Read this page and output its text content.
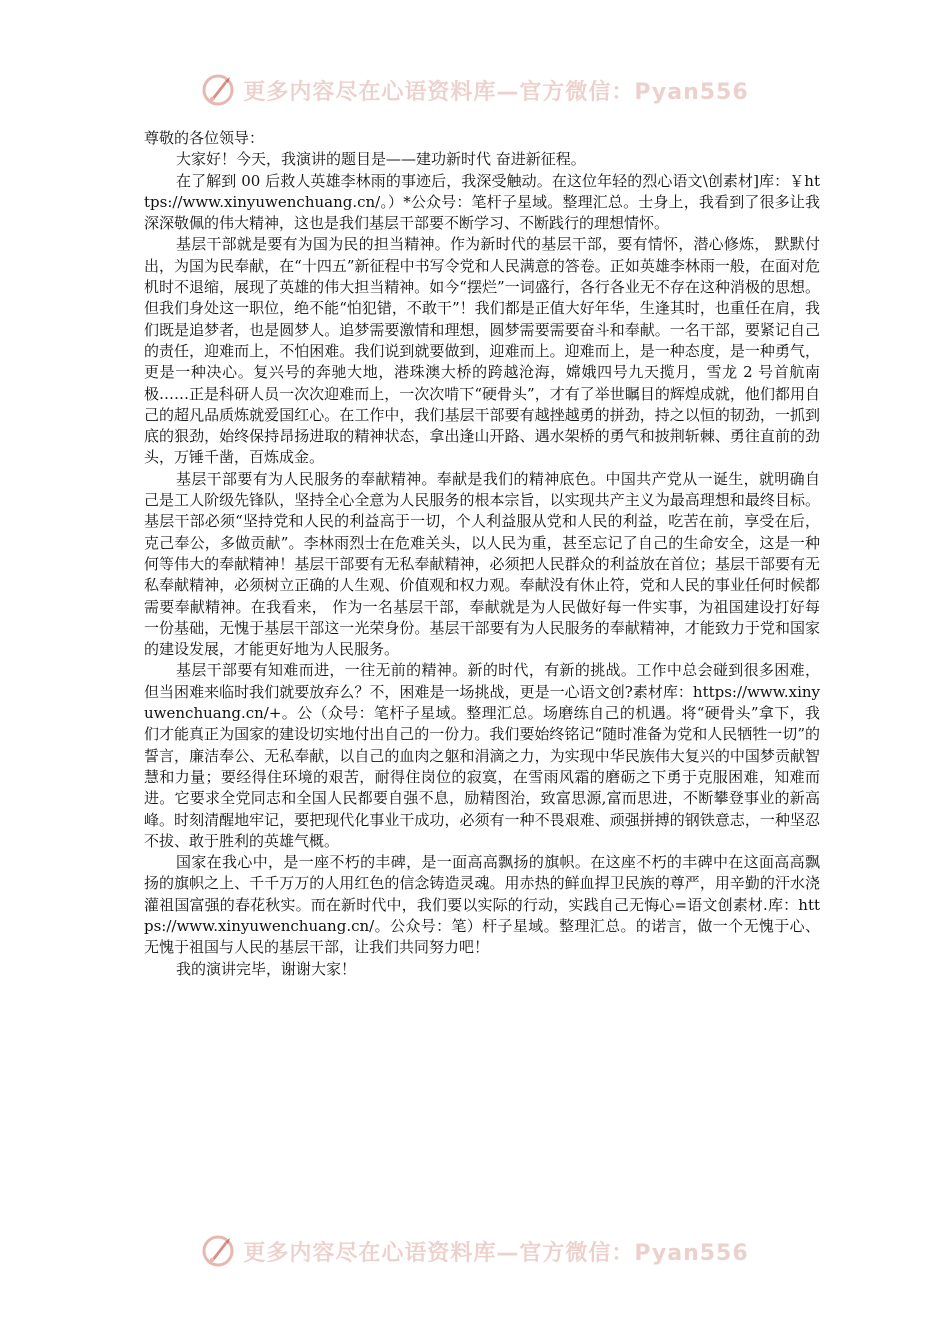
更多内容尽在心语资料库—官方微信：Pyan556

尊敬的各位领导：

大家好！今天，我演讲的题目是——建功新时代 奋进新征程。

在了解到 00 后救人英雄李林雨的事迹后，我深受触动。在这位年轻的烈心语文\创素材]库：￥https://www.xinyuwenchuang.cn/。）*公众号：笔杆子星域。整理汇总。士身上，我看到了很多让我深深敬佩的伟大精神，这也是我们基层干部要不断学习、不断践行的理想情怀。

基层干部就是要有为国为民的担当精神。作为新时代的基层干部，要有情怀，潜心修炼， 默默付出，为国为民奉献，在“十四五”新征程中书写令党和人民满意的答卷。正如英雄李林雨一般，在面对危机时不退缩，展现了英雄的伟大担当精神。如今“摆烂”一词盛行，各行各业无不存在这种消极的思想。但我们身处这一职位，绝不能“怕犯错，不敢干”！我们都是正值大好年华，生逢其时，也重任在肩，我们既是追梦者，也是圆梦人。追梦需要激情和理想，圆梦需要需要奋斗和奉献。一名干部，要紧记自己的责任，迎难而上，不怕困难。我们说到就要做到，迎难而上。迎难而上，是一种态度，是一种勇气，更是一种决心。复兴号的奔驰大地，港珠澳大桥的跨越沧海，嫦娥四号九天揽月，雪龙 2 号首航南极……正是科研人员一次次迎难而上，一次次啃下“硬骨头”，才有了举世瞩目的辉煌成就，他们都用自己的超凡品质炼就爱国红心。在工作中，我们基层干部要有越挫越勇的拼劲，持之以恒的韧劲，一抓到底的狠劲，始终保持昂扬进取的精神状态，拿出逢山开路、遇水架桥的勇气和披荆斩棘、勇往直前的劲头，万锤千凿，百炼成金。

基层干部要有为人民服务的奉献精神。奉献是我们的精神底色。中国共产党从一诞生，就明确自己是工人阶级先锋队，坚持全心全意为人民服务的根本宗旨，以实现共产主义为最高理想和最终目标。基层干部必须“坚持党和人民的利益高于一切，个人利益服从党和人民的利益，吃苦在前，享受在后，克己奉公，多做贡献”。李林雨烈士在危难关头，以人民为重，甚至忘记了自己的生命安全，这是一种何等伟大的奉献精神！基层干部要有无私奉献精神，必须把人民群众的利益放在首位；基层干部要有无私奉献精神，必须树立正确的人生观、价值观和权力观。奉献没有休止符，党和人民的事业任何时候都需要奉献精神。在我看来， 作为一名基层干部，奉献就是为人民做好每一件实事，为祖国建设打好每一份基础，无愧于基层干部这一光荣身份。基层干部要有为人民服务的奉献精神，才能致力于党和国家的建设发展，才能更好地为人民服务。

基层干部要有知难而进，一往无前的精神。新的时代，有新的挑战。工作中总会碰到很多困难，但当困难来临时我们就要放弃么？不，困难是一场挑战，更是一心语文创?素材库：https://www.xinyuwenchuang.cn/+。公（众号：笔杆子星域。整理汇总。场磨练自己的机遇。将“硬骨头”拿下，我们才能真正为国家的建设切实地付出自己的一份力。我们要始终铭记“随时准备为党和人民牺牲一切”的誓言，廉洁奉公、无私奉献，以自己的血肉之躯和涓滴之力，为实现中华民族伟大复兴的中国梦贡献智慧和力量；要经得住环境的艰苦，耐得住岗位的寂寞，在雪雨风霜的磨砺之下勇于克服困难，知难而进。它要求全党同志和全国人民都要自强不息，励精图治，致富思源,富而思进，不断攀登事业的新高峰。时刻清醒地牢记，要把现代化事业干成功，必须有一种不畏艰难、顽强拼搏的钢铁意志，一种坚忍不拔、敢于胜利的英雄气概。

国家在我心中，是一座不朽的丰碑，是一面高高飘扬的旗帜。在这座不朽的丰碑中在这面高高飘扬的旗帜之上、千千万万的人用红色的信念铸造灵魂。用赤热的鲜血捍卫民族的尊严，用辛勤的汗水浇灌祖国富强的春花秋实。而在新时代中，我们要以实际的行动，实践自己无悔心=语文创素材.库：https://www.xinyuwenchuang.cn/。公众号：笔）杆子星域。整理汇总。的诺言，做一个无愧于心、无愧于祖国与人民的基层干部，让我们共同努力吧！

我的演讲完毕，谢谢大家！

更多内容尽在心语资料库—官方微信：Pyan556
